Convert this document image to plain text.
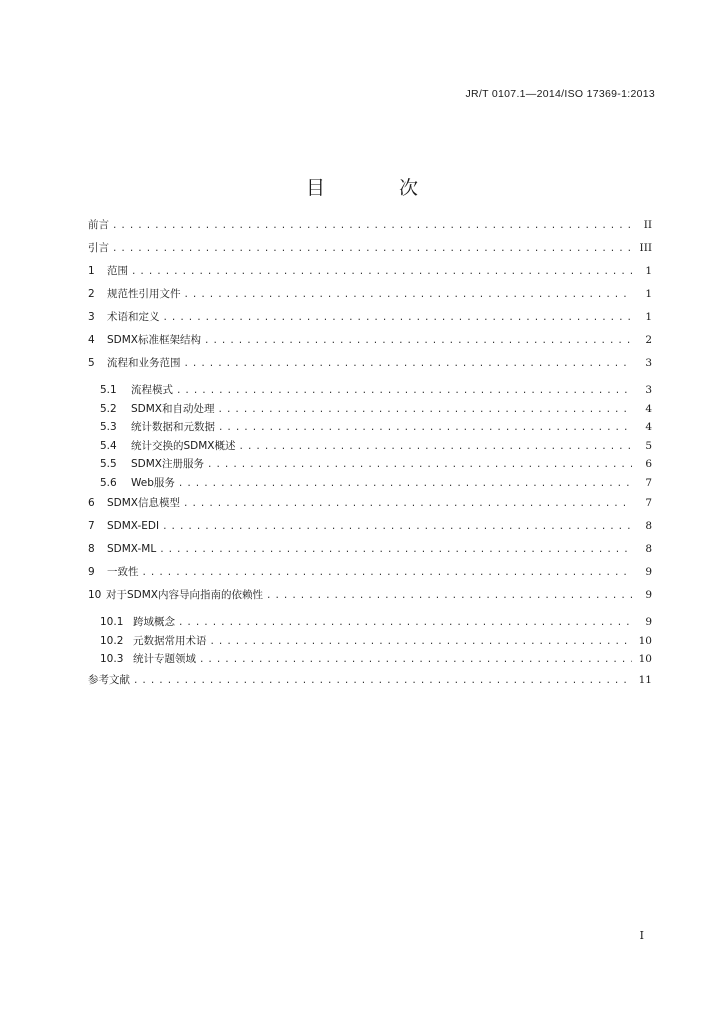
JR/T 0107.1—2014/ISO 17369-1:2013
目 次
前言 . . .	II
引言 . . .	III
1	范围 . . .	1
2	规范性引用文件 . . .	1
3	术语和定义 . . .	1
4	SDMX标准框架结构 . . .	2
5	流程和业务范围 . . .	3
5.1	流程模式 . . .	3
5.2	SDMX和自动处理 . . .	4
5.3	统计数据和元数据 . . .	4
5.4	统计交换的SDMX概述 . . .	5
5.5	SDMX注册服务 . . .	6
5.6	Web服务 . . .	7
6	SDMX信息模型 . . .	7
7	SDMX-EDI . . .	8
8	SDMX-ML . . .	8
9	一致性 . . .	9
10 对于SDMX内容导向指南的依赖性 . . .	9
10.1 跨域概念 . . .	9
10.2 元数据常用术语 . . .	10
10.3 统计专题领域 . . .	10
参考文献 . . .	11
I
